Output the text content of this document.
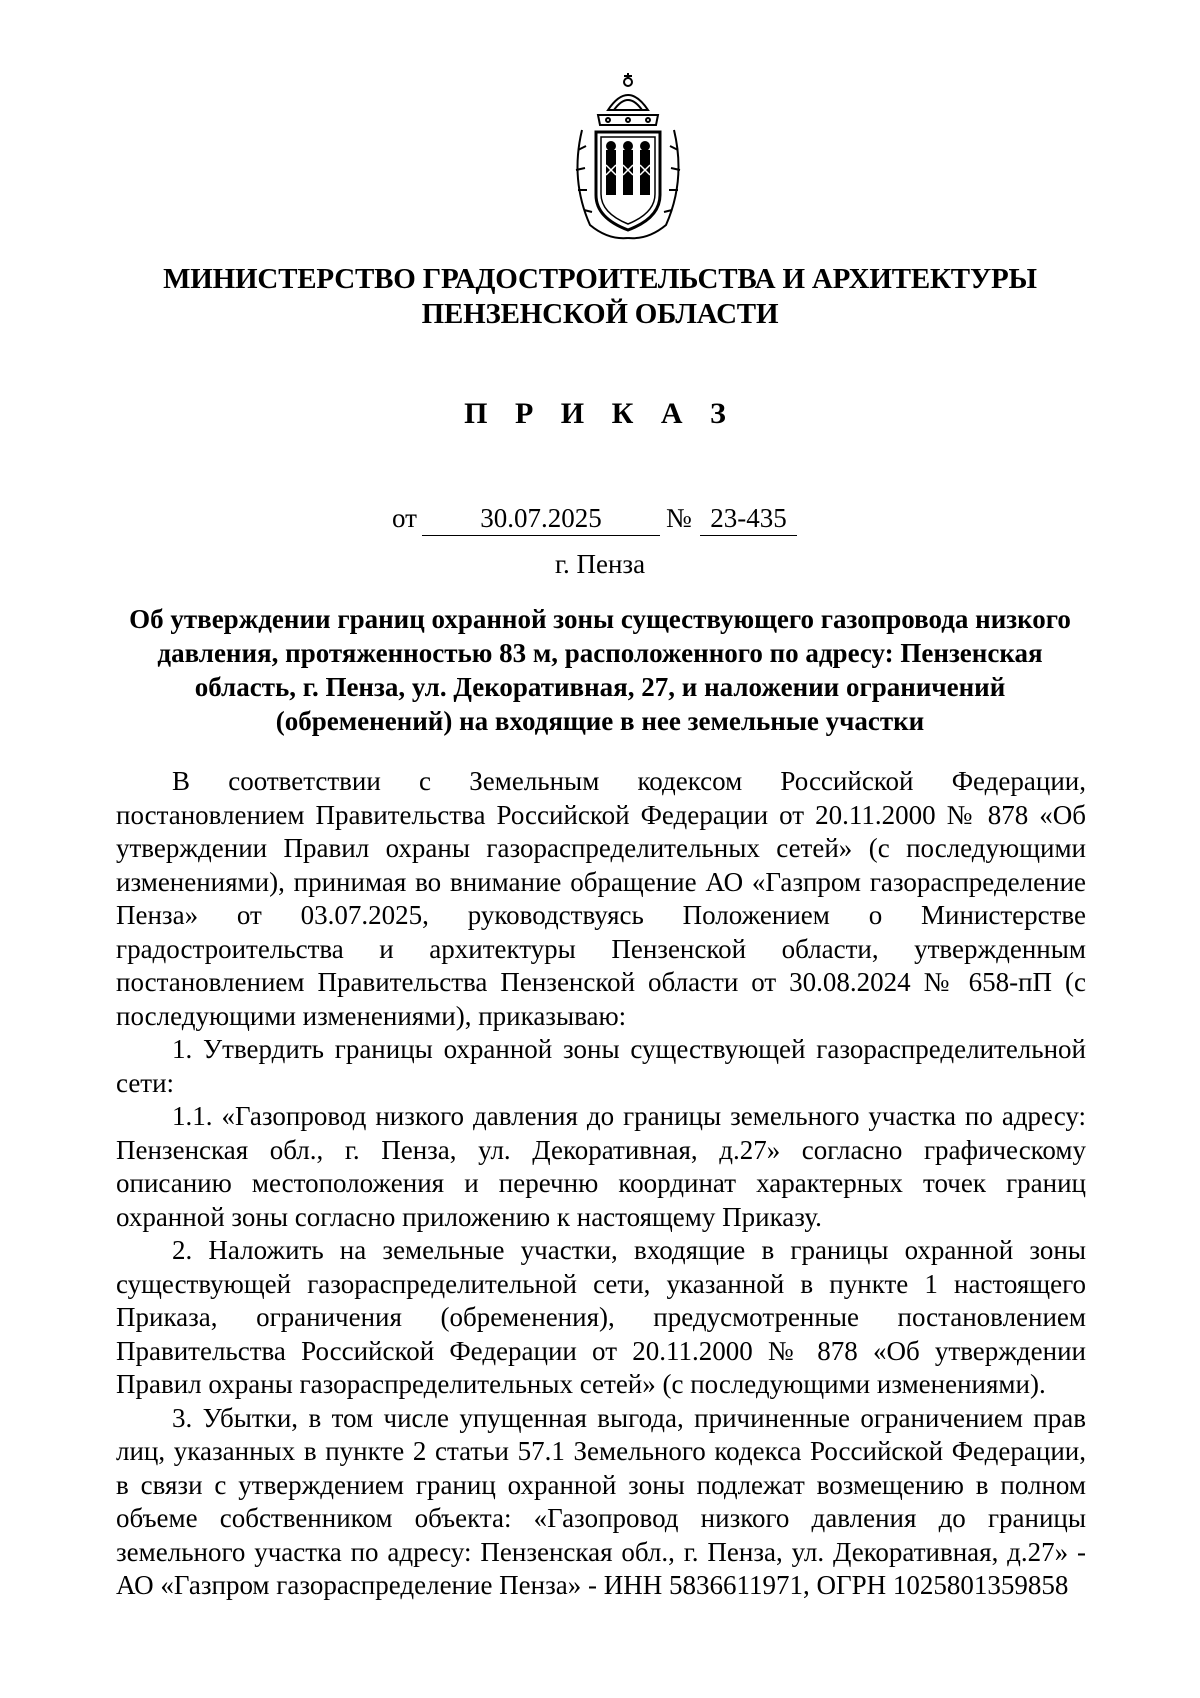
МИНИСТЕРСТВО ГРАДОСТРОИТЕЛЬСТВА И АРХИТЕКТУРЫ
ПЕНЗЕНСКОЙ ОБЛАСТИ
П Р И К А З
от	30.07.2025	№ 23-435
г. Пенза
Об утверждении границ охранной зоны существующего газопровода низкого давления, протяженностью 83 м, расположенного по адресу: Пензенская область, г. Пенза, ул. Декоративная, 27, и наложении ограничений (обременений) на входящие в нее земельные участки

В соответствии с Земельным кодексом Российской Федерации, постановлением Правительства Российской Федерации от 20.11.2000 № 878 «Об утверждении Правил охраны газораспределительных сетей» (с последующими изменениями), принимая во внимание обращение АО «Газпром газораспределение Пенза» от 03.07.2025, руководствуясь Положением о Министерстве градостроительства и архитектуры Пензенской области, утвержденным постановлением Правительства Пензенской области от 30.08.2024 № 658-пП (с последующими изменениями), приказываю:

1. Утвердить границы охранной зоны существующей газораспределительной сети:

1.1. «Газопровод низкого давления до границы земельного участка по адресу: Пензенская обл., г. Пенза, ул. Декоративная, д.27» согласно графическому описанию местоположения и перечню координат характерных точек границ охранной зоны согласно приложению к настоящему Приказу.

2. Наложить на земельные участки, входящие в границы охранной зоны существующей газораспределительной сети, указанной в пункте 1 настоящего Приказа, ограничения (обременения), предусмотренные постановлением Правительства Российской Федерации от 20.11.2000 № 878 «Об утверждении Правил охраны газораспределительных сетей» (с последующими изменениями).

3. Убытки, в том числе упущенная выгода, причиненные ограничением прав лиц, указанных в пункте 2 статьи 57.1 Земельного кодекса Российской Федерации, в связи с утверждением границ охранной зоны подлежат возмещению в полном объеме собственником объекта: «Газопровод низкого давления до границы земельного участка по адресу: Пензенская обл., г. Пенза, ул. Декоративная, д.27» - АО «Газпром газораспределение Пенза» - ИНН 5836611971, ОГРН 1025801359858
